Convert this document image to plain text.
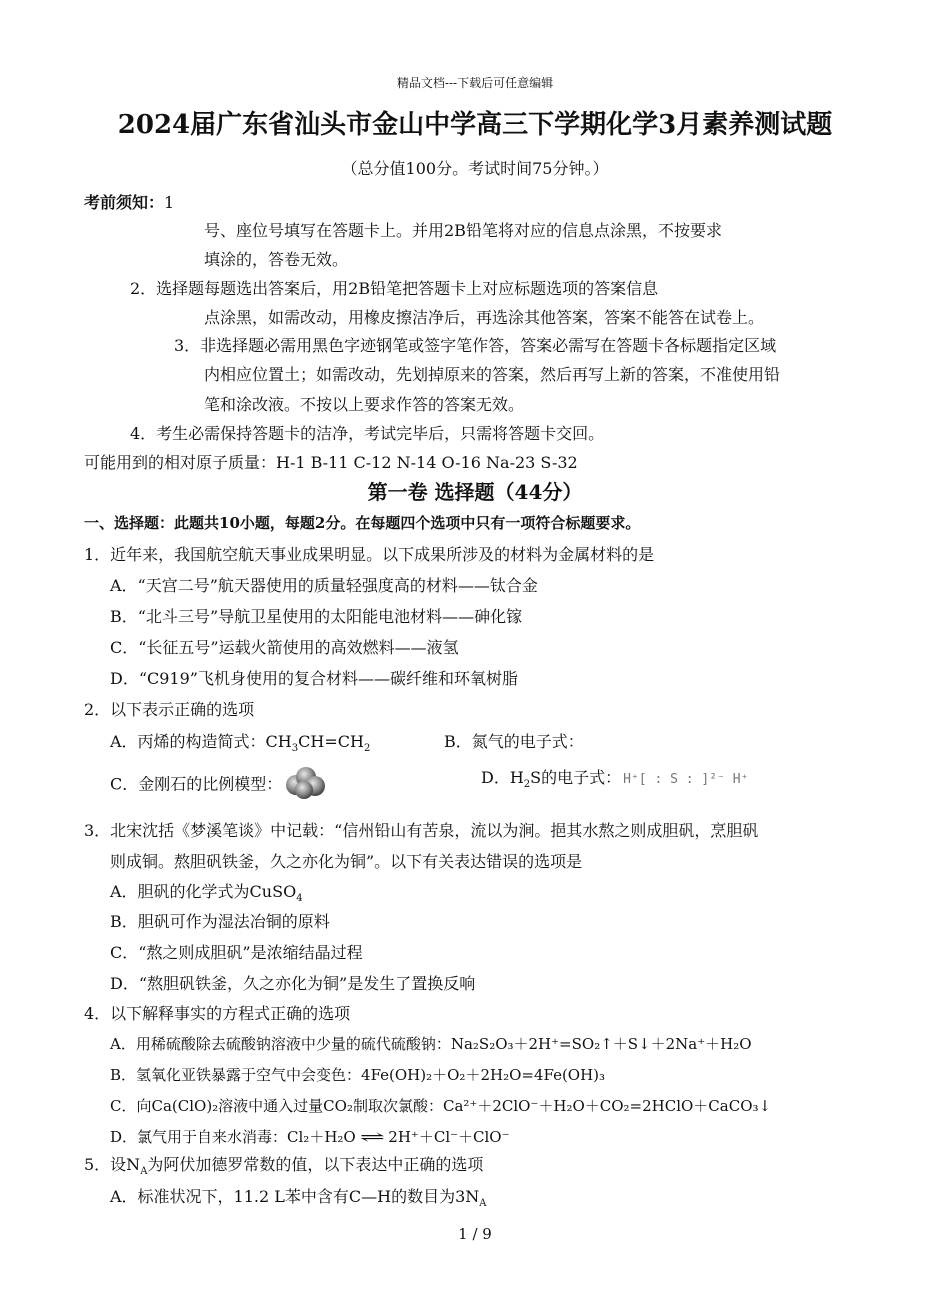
精品文档---下载后可任意编辑
2024届广东省汕头市金山中学高三下学期化学3月素养测试题
（总分值100分。考试时间75分钟。）
考前须知：1
号、座位号填写在答题卡上。并用2B铅笔将对应的信息点涂黑，不按要求
填涂的，答卷无效。
2．选择题每题选出答案后，用2B铅笔把答题卡上对应标题选项的答案信息
点涂黑，如需改动，用橡皮擦洁净后，再选涂其他答案，答案不能答在试卷上。
3．非选择题必需用黑色字迹钢笔或签字笔作答，答案必需写在答题卡各标题指定区域
内相应位置土；如需改动，先划掉原来的答案，然后再写上新的答案，不准使用铅
笔和涂改液。不按以上要求作答的答案无效。
4．考生必需保持答题卡的洁净，考试完毕后，只需将答题卡交回。
可能用到的相对原子质量：H-1 B-11 C-12 N-14 O-16 Na-23 S-32
第一卷 选择题（44分）
一、选择题：此题共10小题，每题2分。在每题四个选项中只有一项符合标题要求。
1．近年来，我国航空航天事业成果明显。以下成果所涉及的材料为金属材料的是
A．“天宫二号”航天器使用的质量轻强度高的材料——钛合金
B．“北斗三号”导航卫星使用的太阳能电池材料——砷化镓
C．“长征五号”运载火箭使用的高效燃料——液氢
D．“C919”飞机身使用的复合材料——碳纤维和环氧树脂
2．以下表示正确的选项
A．丙烯的构造简式：$CH_3CH=CH_2$	B．氮气的电子式：
C．金刚石的比例模型：	D．$H_2S$的电子式： H⁺[ : S : ]²⁻ H⁺
3．北宋沈括《梦溪笔谈》中记载：“信州铅山有苦泉，流以为涧。挹其水熬之则成胆矾，烹胆矾
则成铜。熬胆矾铁釜，久之亦化为铜”。以下有关表达错误的选项是
A．胆矾的化学式为CuSO$_4$
B．胆矾可作为湿法冶铜的原料
C．“熬之则成胆矾”是浓缩结晶过程
D．“熬胆矾铁釜，久之亦化为铜”是发生了置换反响
4．以下解释事实的方程式正确的选项
A．用稀硫酸除去硫酸钠溶液中少量的硫代硫酸钠：Na₂S₂O₃＋2H⁺=SO₂↑＋S↓＋2Na⁺＋H₂O
B．氢氧化亚铁暴露于空气中会变色：4Fe(OH)₂＋O₂＋2H₂O=4Fe(OH)₃
C．向Ca(ClO)₂溶液中通入过量CO₂制取次氯酸：Ca²⁺＋2ClO⁻＋H₂O＋CO₂=2HClO＋CaCO₃↓
D．氯气用于自来水消毒：Cl₂＋H₂O ⇌ 2H⁺＋Cl⁻＋ClO⁻
5．设$N_A$为阿伏加德罗常数的值，以下表达中正确的选项
A．标准状况下，11.2 L苯中含有C—H的数目为$3N_A$
1 / 9
